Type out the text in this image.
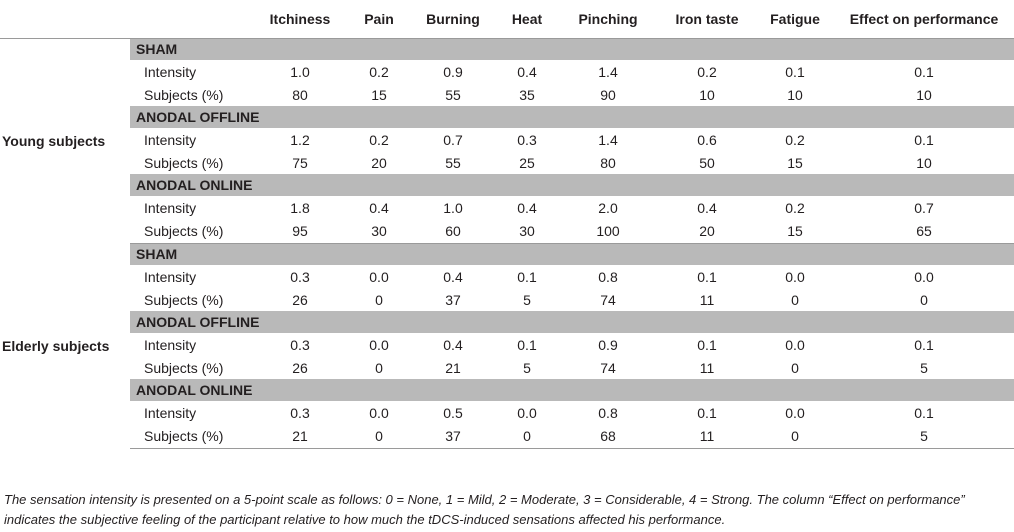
		Itchiness	Pain	Burning	Heat	Pinching	Iron taste	Fatigue	Effect on performance
Young subjects	SHAM								
	Intensity	1.0	0.2	0.9	0.4	1.4	0.2	0.1	0.1
	Subjects (%)	80	15	55	35	90	10	10	10
	ANODAL OFFLINE								
	Intensity	1.2	0.2	0.7	0.3	1.4	0.6	0.2	0.1
	Subjects (%)	75	20	55	25	80	50	15	10
	ANODAL ONLINE								
	Intensity	1.8	0.4	1.0	0.4	2.0	0.4	0.2	0.7
	Subjects (%)	95	30	60	30	100	20	15	65
Elderly subjects	SHAM								
	Intensity	0.3	0.0	0.4	0.1	0.8	0.1	0.0	0.0
	Subjects (%)	26	0	37	5	74	11	0	0
	ANODAL OFFLINE								
	Intensity	0.3	0.0	0.4	0.1	0.9	0.1	0.0	0.1
	Subjects (%)	26	0	21	5	74	11	0	5
	ANODAL ONLINE								
	Intensity	0.3	0.0	0.5	0.0	0.8	0.1	0.0	0.1
	Subjects (%)	21	0	37	0	68	11	0	5
The sensation intensity is presented on a 5-point scale as follows: 0 = None, 1 = Mild, 2 = Moderate, 3 = Considerable, 4 = Strong. The column “Effect on performance” indicates the subjective feeling of the participant relative to how much the tDCS-induced sensations affected his performance.
